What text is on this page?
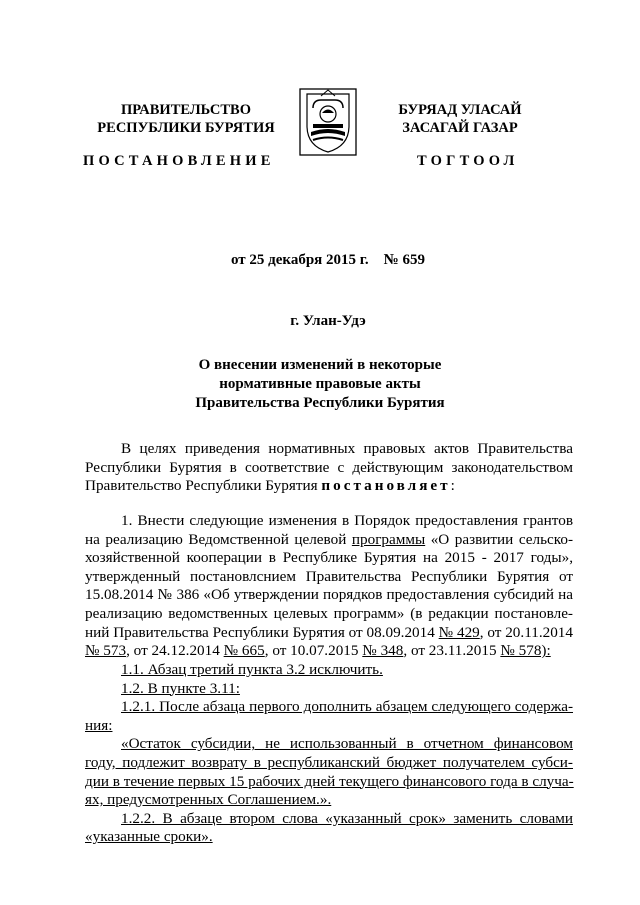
ПРАВИТЕЛЬСТВО
РЕСПУБЛИКИ БУРЯТИЯ
ПОСТАНОВЛЕНИЕ
БУРЯАД УЛАСАЙ
ЗАСАГАЙ ГАЗАР
ТОГТООЛ
от 25 декабря 2015 г. № 659
г. Улан-Удэ
О внесении изменений в некоторые
нормативные правовые акты
Правительства Республики Бурятия
В целях приведения нормативных правовых актов Правительства
Республики Бурятия в соответствие с действующим законодательством
Правительство Республики Бурятия постановляет:
1. Внести следующие изменения в Порядок предоставления грантов
на реализацию Ведомственной целевой программы «О развитии сельско-
хозяйственной кооперации в Республике Бурятия на 2015 - 2017 годы»,
утвержденный постановлснием Правительства Республики Бурятия от
15.08.2014 № 386 «Об утверждении порядков предоставления субсидий на
реализацию ведомственных целевых программ» (в редакции постановле-
ний Правительства Республики Бурятия от 08.09.2014 № 429, от 20.11.2014
№ 573, от 24.12.2014 № 665, от 10.07.2015 № 348, от 23.11.2015 № 578):
1.1. Абзац третий пункта 3.2 исключить.
1.2. В пункте 3.11:
1.2.1. После абзаца первого дополнить абзацем следующего содержа-
ния:
«Остаток субсидии, не использованный в отчетном финансовом
году, подлежит возврату в республиканский бюджет получателем субси-
дии в течение первых 15 рабочих дней текущего финансового года в случа-
ях, предусмотренных Соглашением.».
1.2.2. В абзаце втором слова «указанный срок» заменить словами
«указанные сроки».
